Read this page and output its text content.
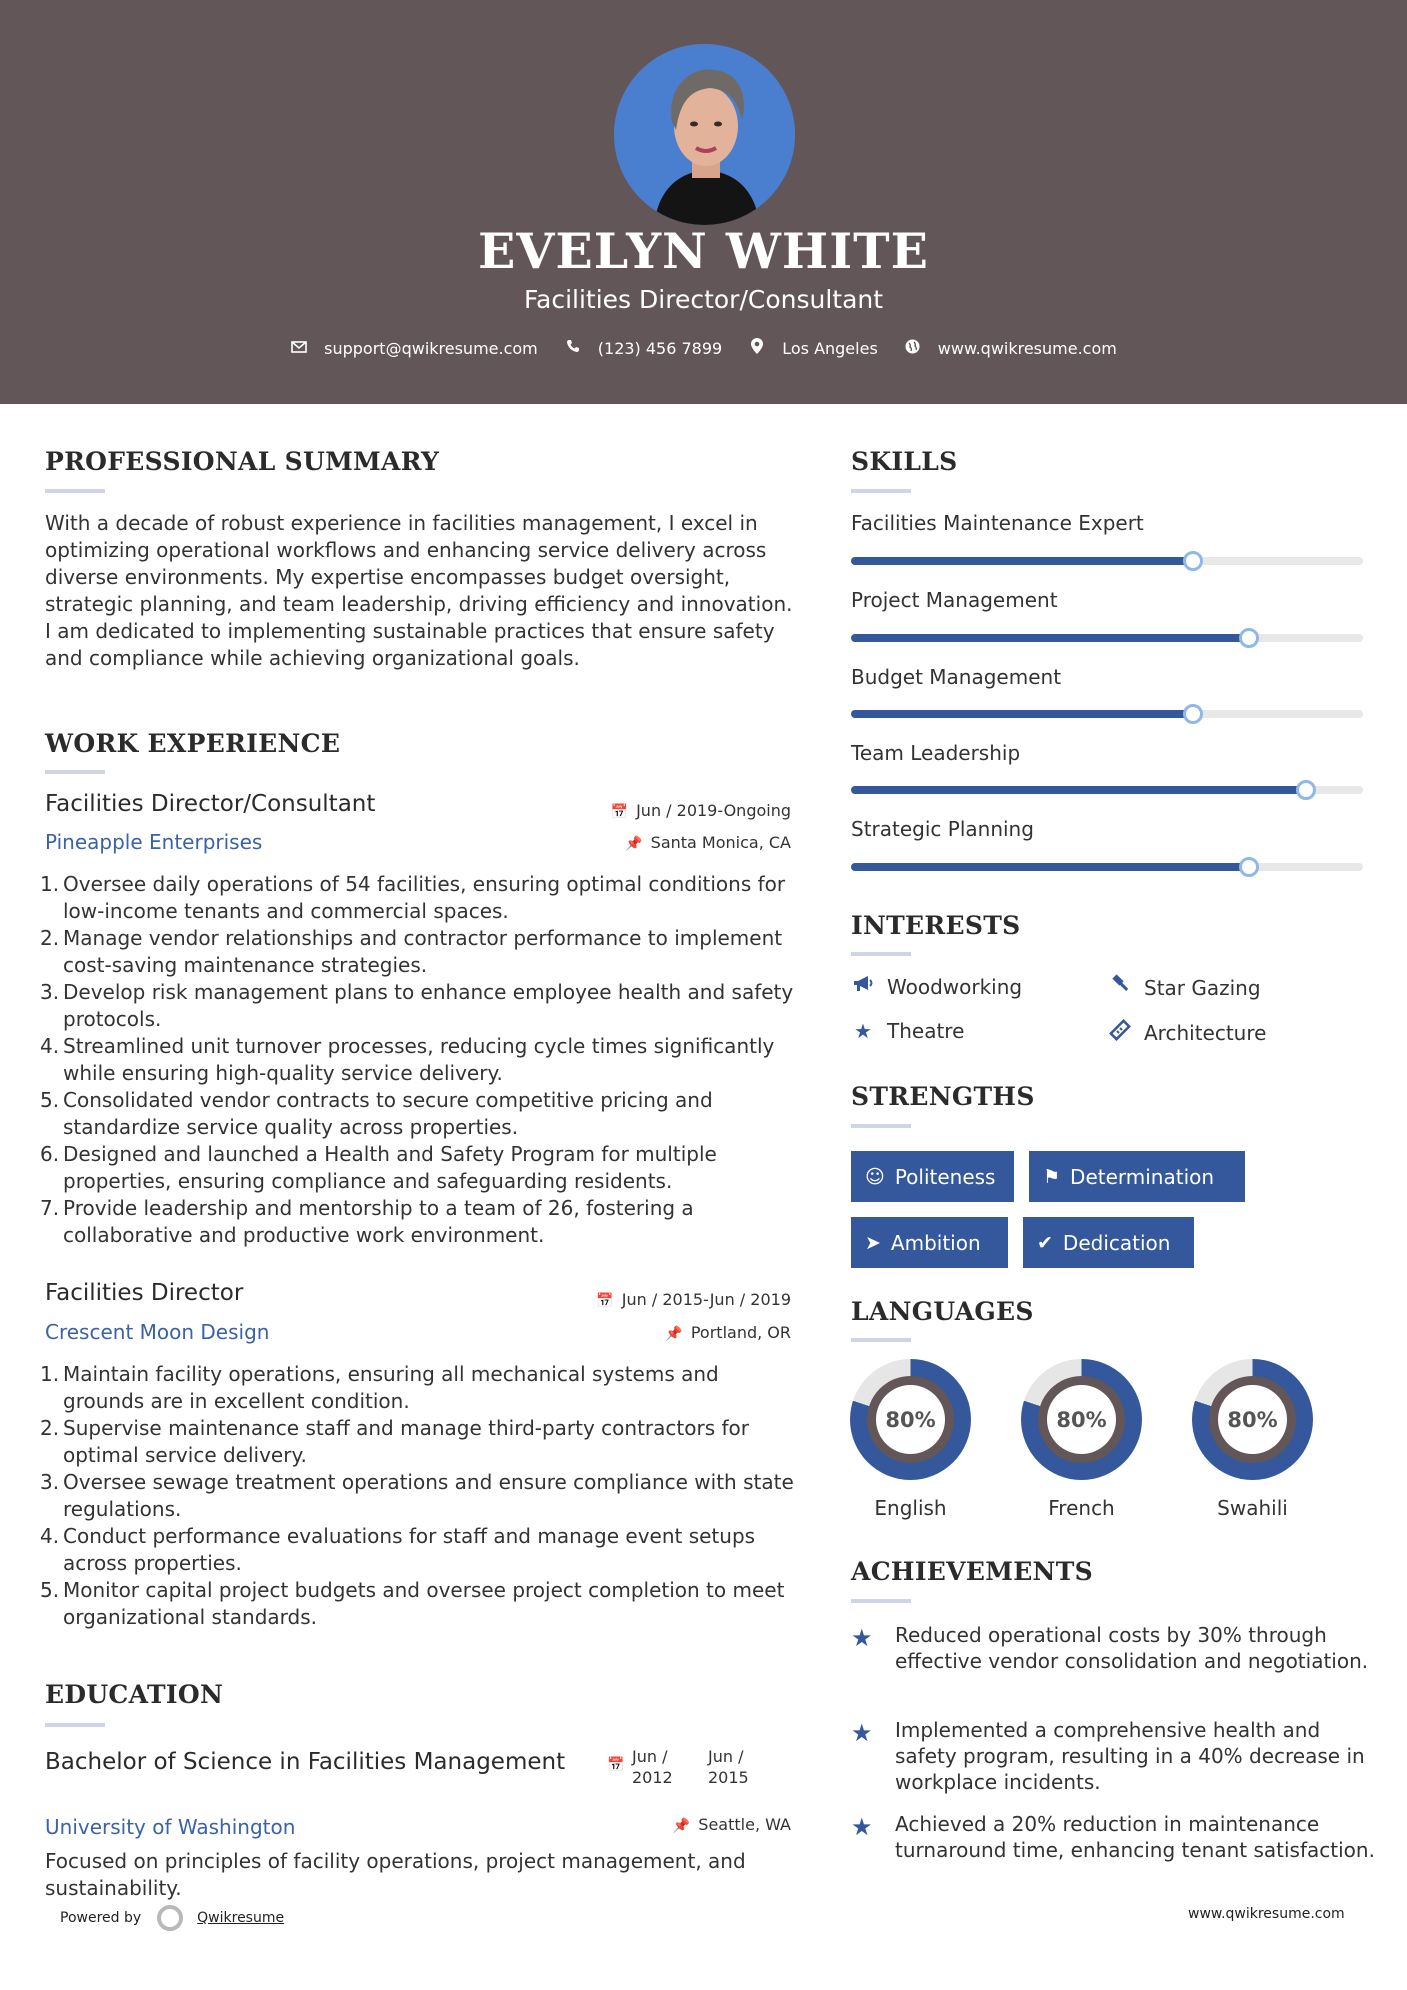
EVELYN WHITE
Facilities Director/Consultant
support@qwikresume.com	(123) 456 7899	Los Angeles	www.qwikresume.com
PROFESSIONAL SUMMARY
With a decade of robust experience in facilities management, I excel in optimizing operational workflows and enhancing service delivery across diverse environments. My expertise encompasses budget oversight, strategic planning, and team leadership, driving efficiency and innovation. I am dedicated to implementing sustainable practices that ensure safety and compliance while achieving organizational goals.
WORK EXPERIENCE
Facilities Director/Consultant
Pineapple Enterprises
📅 Jun / 2019-Ongoing
📌 Santa Monica, CA
1. Oversee daily operations of 54 facilities, ensuring optimal conditions for low-income tenants and commercial spaces.
2. Manage vendor relationships and contractor performance to implement cost-saving maintenance strategies.
3. Develop risk management plans to enhance employee health and safety protocols.
4. Streamlined unit turnover processes, reducing cycle times significantly while ensuring high-quality service delivery.
5. Consolidated vendor contracts to secure competitive pricing and standardize service quality across properties.
6. Designed and launched a Health and Safety Program for multiple properties, ensuring compliance and safeguarding residents.
7. Provide leadership and mentorship to a team of 26, fostering a collaborative and productive work environment.
Facilities Director
Crescent Moon Design
📅 Jun / 2015-Jun / 2019
📌 Portland, OR
1. Maintain facility operations, ensuring all mechanical systems and grounds are in excellent condition.
2. Supervise maintenance staff and manage third-party contractors for optimal service delivery.
3. Oversee sewage treatment operations and ensure compliance with state regulations.
4. Conduct performance evaluations for staff and manage event setups across properties.
5. Monitor capital project budgets and oversee project completion to meet organizational standards.
EDUCATION
Bachelor of Science in Facilities Management
University of Washington
📅 Jun /
2012
Jun /
2015
📌 Seattle, WA
Focused on principles of facility operations, project management, and sustainability.
Powered by	Qwikresume	www.qwikresume.com
SKILLS
Facilities Maintenance Expert
Project Management
Budget Management
Team Leadership
Strategic Planning
INTERESTS
Woodworking	Star Gazing
★ Theatre	Architecture
STRENGTHS
☺ Politeness	⚑ Determination
➤ Ambition	✔ Dedication
LANGUAGES
80%
English
80%
French
80%
Swahili
ACHIEVEMENTS
★ Reduced operational costs by 30% through effective vendor consolidation and negotiation.
★ Implemented a comprehensive health and safety program, resulting in a 40% decrease in workplace incidents.
★ Achieved a 20% reduction in maintenance turnaround time, enhancing tenant satisfaction.
